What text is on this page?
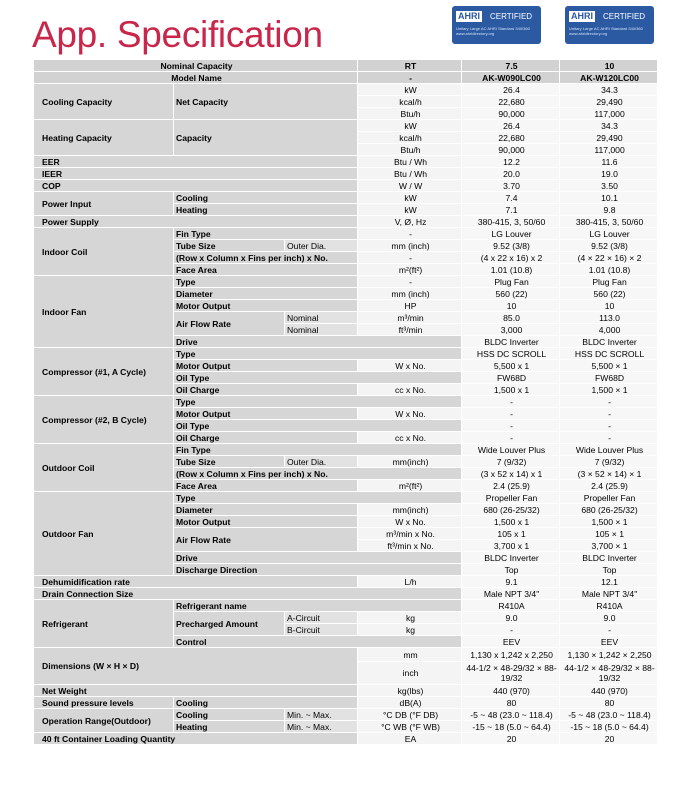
App. Specification	AHRI CERTIFIED
Unitary Large AC AHRI Standard 340/360 www.ahridirectory.org
AHRI CERTIFIED
Unitary Large AC AHRI Standard 340/360 www.ahridirectory.org
Nominal Capacity			RT	7.5	10
Model Name			-	AK-W090LC00	AK-W120LC00
Cooling Capacity	Net Capacity		kW	26.4	34.3
			kcal/h	22,680	29,490
			Btu/h	90,000	117,000
Heating Capacity	Capacity		kW	26.4	34.3
			kcal/h	22,680	29,490
			Btu/h	90,000	117,000
EER			Btu / Wh	12.2	11.6
IEER			Btu / Wh	20.0	19.0
COP			W / W	3.70	3.50
Power Input	Cooling		kW	7.4	10.1
	Heating		kW	7.1	9.8
Power Supply			V, Ø, Hz	380-415, 3, 50/60	380-415, 3, 50/60
Indoor Coil	Fin Type		-	LG Louver	LG Louver
	Tube Size	Outer Dia.	mm (inch)	9.52 (3/8)	9.52 (3/8)
	(Row x Column x Fins per inch) x No.		-	(4 x 22 x 16) x 2	(4 × 22 × 16) × 2
	Face Area		m²(ft²)	1.01 (10.8)	1.01 (10.8)
Indoor Fan	Type		-	Plug Fan	Plug Fan
	Diameter		mm (inch)	560 (22)	560 (22)
	Motor Output		HP	10	10
	Air Flow Rate	Nominal	m³/min	85.0	113.0
		Nominal	ft³/min	3,000	4,000
	Drive			BLDC Inverter	BLDC Inverter
Compressor (#1, A Cycle)	Type			HSS DC SCROLL	HSS DC SCROLL
	Motor Output		W x No.	5,500 x 1	5,500 × 1
	Oil Type			FW68D	FW68D
	Oil Charge		cc x No.	1,500 x 1	1,500 × 1
Compressor (#2, B Cycle)	Type			-	-
	Motor Output		W x No.	-	-
	Oil Type			-	-
	Oil Charge		cc x No.	-	-
Outdoor Coil	Fin Type			Wide Louver Plus	Wide Louver Plus
	Tube Size	Outer Dia.	mm(inch)	7 (9/32)	7 (9/32)
	(Row x Column x Fins per inch) x No.			(3 x 52 x 14) x 1	(3 × 52 × 14) × 1
	Face Area		m²(ft²)	2.4 (25.9)	2.4 (25.9)
Outdoor Fan	Type			Propeller Fan	Propeller Fan
	Diameter		mm(inch)	680 (26-25/32)	680 (26-25/32)
	Motor Output		W x No.	1,500 x 1	1,500 × 1
	Air Flow Rate		m³/min x No.	105 x 1	105 × 1
			ft³/min x No.	3,700 x 1	3,700 × 1
	Drive			BLDC Inverter	BLDC Inverter
	Discharge Direction			Top	Top
Dehumidification rate			L/h	9.1	12.1
Drain Connection Size				Male NPT 3/4"	Male NPT 3/4"
Refrigerant	Refrigerant name			R410A	R410A
	Precharged Amount	A-Circuit	kg	9.0	9.0
		B-Circuit	kg	-	-
	Control			EEV	EEV
Dimensions (W × H × D)			mm	1,130 x 1,242 x 2,250	1,130 × 1,242 × 2,250
			inch	44-1/2 × 48-29/32 × 88-19/32	44-1/2 × 48-29/32 × 88-19/32
Net Weight			kg(lbs)	440 (970)	440 (970)
Sound pressure levels	Cooling		dB(A)	80	80
Operation Range(Outdoor)	Cooling	Min. ~ Max.	°C DB (°F DB)	-5 ~ 48 (23.0 ~ 118.4)	-5 ~ 48 (23.0 ~ 118.4)
	Heating	Min. ~ Max.	°C WB (°F WB)	-15 ~ 18 (5.0 ~ 64.4)	-15 ~ 18 (5.0 ~ 64.4)
40 ft Container Loading Quantity			EA	20	20
